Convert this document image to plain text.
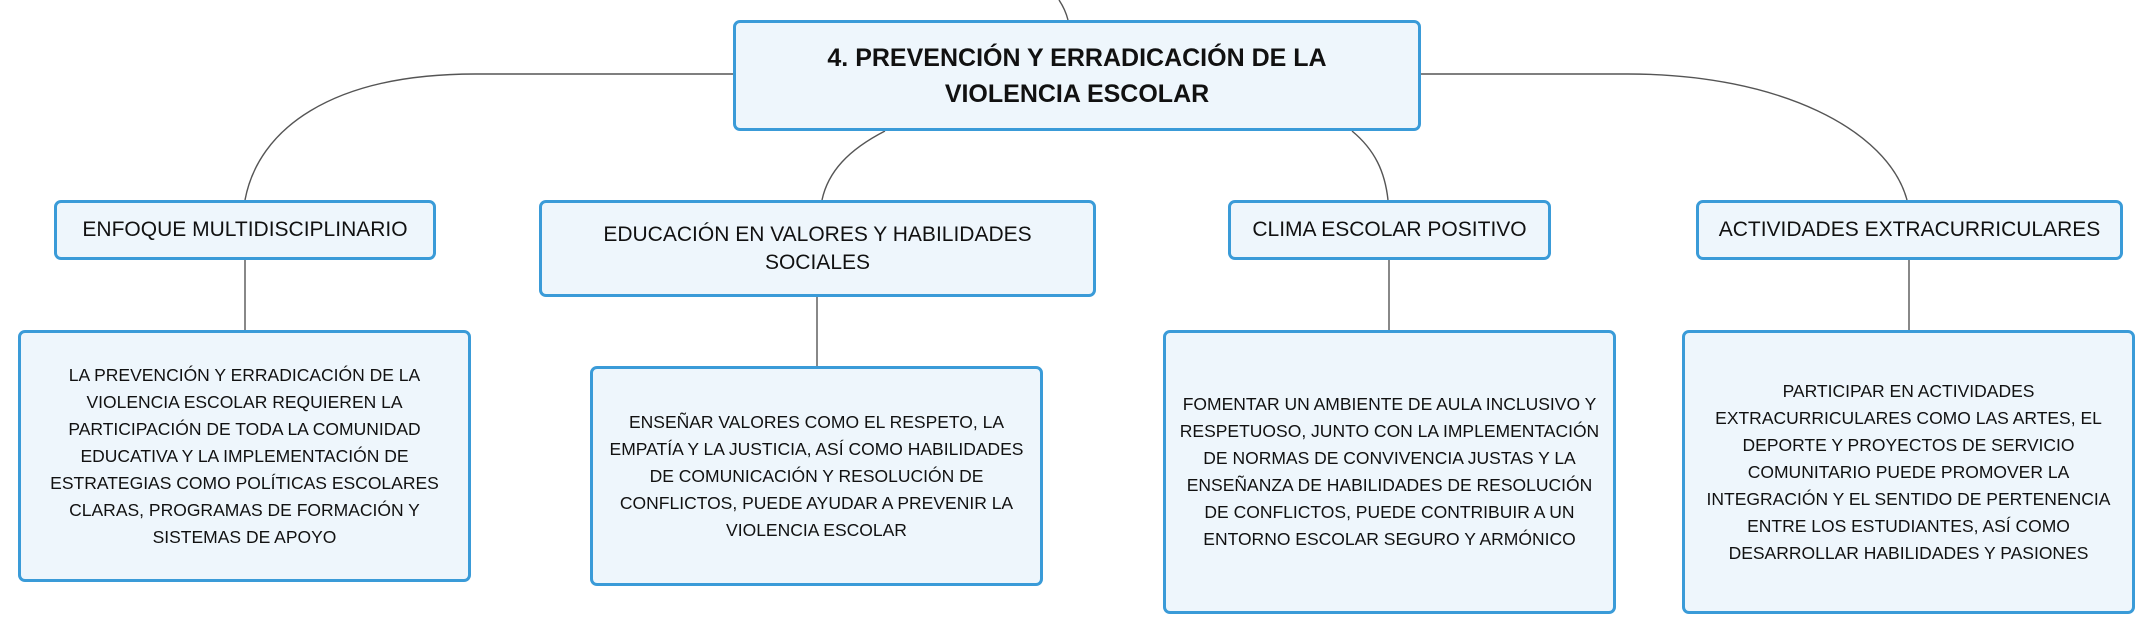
4. PREVENCIÓN Y ERRADICACIÓN DE LA VIOLENCIA ESCOLAR
ENFOQUE MULTIDISCIPLINARIO	EDUCACIÓN EN VALORES Y HABILIDADES SOCIALES
CLIMA ESCOLAR POSITIVO	ACTIVIDADES EXTRACURRICULARES
LA PREVENCIÓN Y ERRADICACIÓN DE LA VIOLENCIA ESCOLAR REQUIEREN LA PARTICIPACIÓN DE TODA LA COMUNIDAD EDUCATIVA Y LA IMPLEMENTACIÓN DE ESTRATEGIAS COMO POLÍTICAS ESCOLARES CLARAS, PROGRAMAS DE FORMACIÓN Y SISTEMAS DE APOYO
ENSEÑAR VALORES COMO EL RESPETO, LA EMPATÍA Y LA JUSTICIA, ASÍ COMO HABILIDADES DE COMUNICACIÓN Y RESOLUCIÓN DE CONFLICTOS, PUEDE AYUDAR A PREVENIR LA VIOLENCIA ESCOLAR
FOMENTAR UN AMBIENTE DE AULA INCLUSIVO Y RESPETUOSO, JUNTO CON LA IMPLEMENTACIÓN DE NORMAS DE CONVIVENCIA JUSTAS Y LA ENSEÑANZA DE HABILIDADES DE RESOLUCIÓN DE CONFLICTOS, PUEDE CONTRIBUIR A UN ENTORNO ESCOLAR SEGURO Y ARMÓNICO
PARTICIPAR EN ACTIVIDADES EXTRACURRICULARES COMO LAS ARTES, EL DEPORTE Y PROYECTOS DE SERVICIO COMUNITARIO PUEDE PROMOVER LA INTEGRACIÓN Y EL SENTIDO DE PERTENENCIA ENTRE LOS ESTUDIANTES, ASÍ COMO DESARROLLAR HABILIDADES Y PASIONES
